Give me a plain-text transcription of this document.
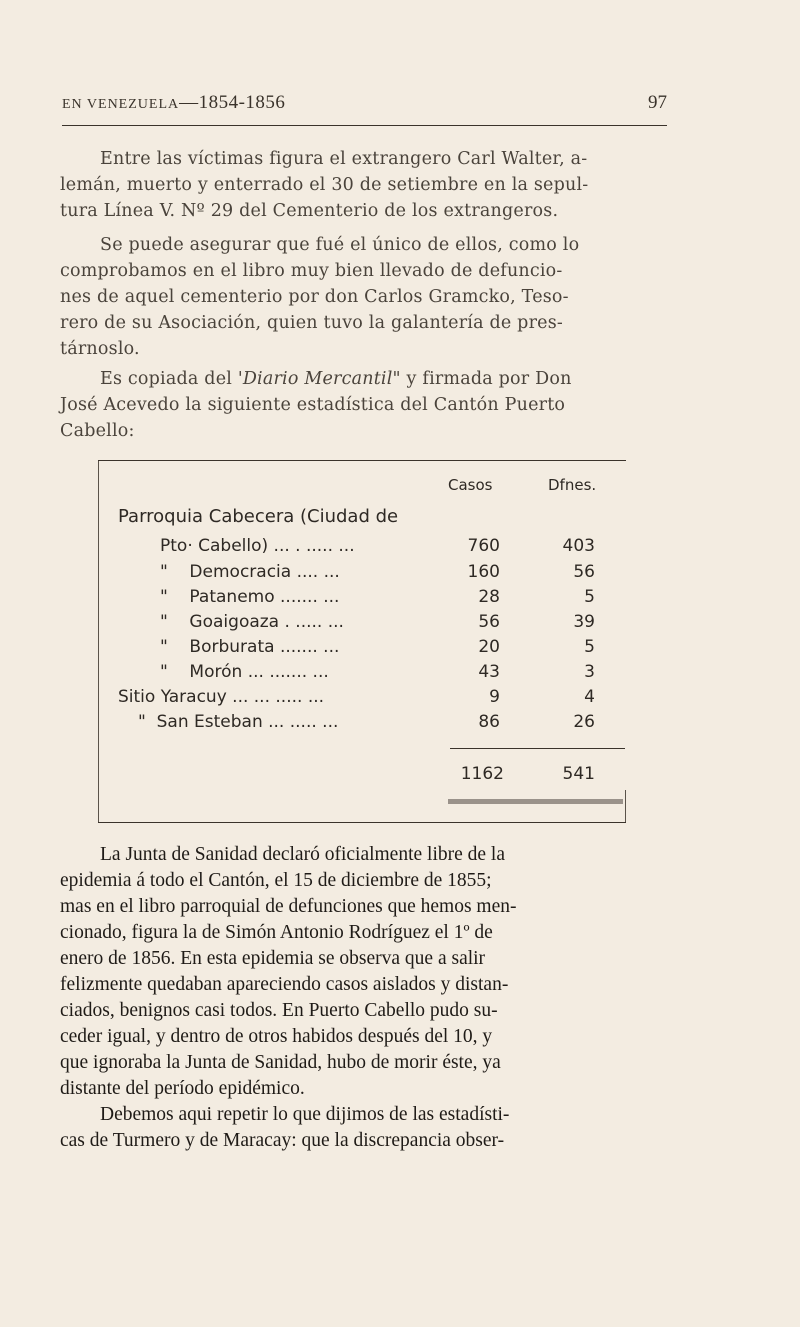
EN VENEZUELA—1854-1856	97
Entre las víctimas figura el extrangero Carl Walter, a-
lemán, muerto y enterrado el 30 de setiembre en la sepul-
tura Línea V. Nº 29 del Cementerio de los extrangeros.
Se puede asegurar que fué el único de ellos, como lo
comprobamos en el libro muy bien llevado de defuncio-
nes de aquel cementerio por don Carlos Gramcko, Teso-
rero de su Asociación, quien tuvo la galantería de pres-
tárnoslo.
Es copiada del 'Diario Mercantil" y firmada por Don
José Acevedo la siguiente estadística del Cantón Puerto
Cabello:
Casos	Dfnes.
Parroquia Cabecera (Ciudad de
Pto· Cabello) ... . ..... ...	760	403
"    Democracia .... ...	160	56
"    Patanemo ....... ...	28	5
"    Goaigoaza . ..... ...	56	39
"    Borburata ....... ...	20	5
"    Morón ... ....... ...	43	3
Sitio Yaracuy ... ... ..... ...	9	4
"  San Esteban ... ..... ...	86	26
1162	541
La Junta de Sanidad declaró oficialmente libre de la
epidemia á todo el Cantón, el 15 de diciembre de 1855;
mas en el libro parroquial de defunciones que hemos men-
cionado, figura la de Simón Antonio Rodríguez el 1º de
enero de 1856. En esta epidemia se observa que a salir
felizmente quedaban apareciendo casos aislados y distan-
ciados, benignos casi todos. En Puerto Cabello pudo su-
ceder igual, y dentro de otros habidos después del 10, y
que ignoraba la Junta de Sanidad, hubo de morir éste, ya
distante del período epidémico.
Debemos aqui repetir lo que dijimos de las estadísti-
cas de Turmero y de Maracay: que la discrepancia obser-
